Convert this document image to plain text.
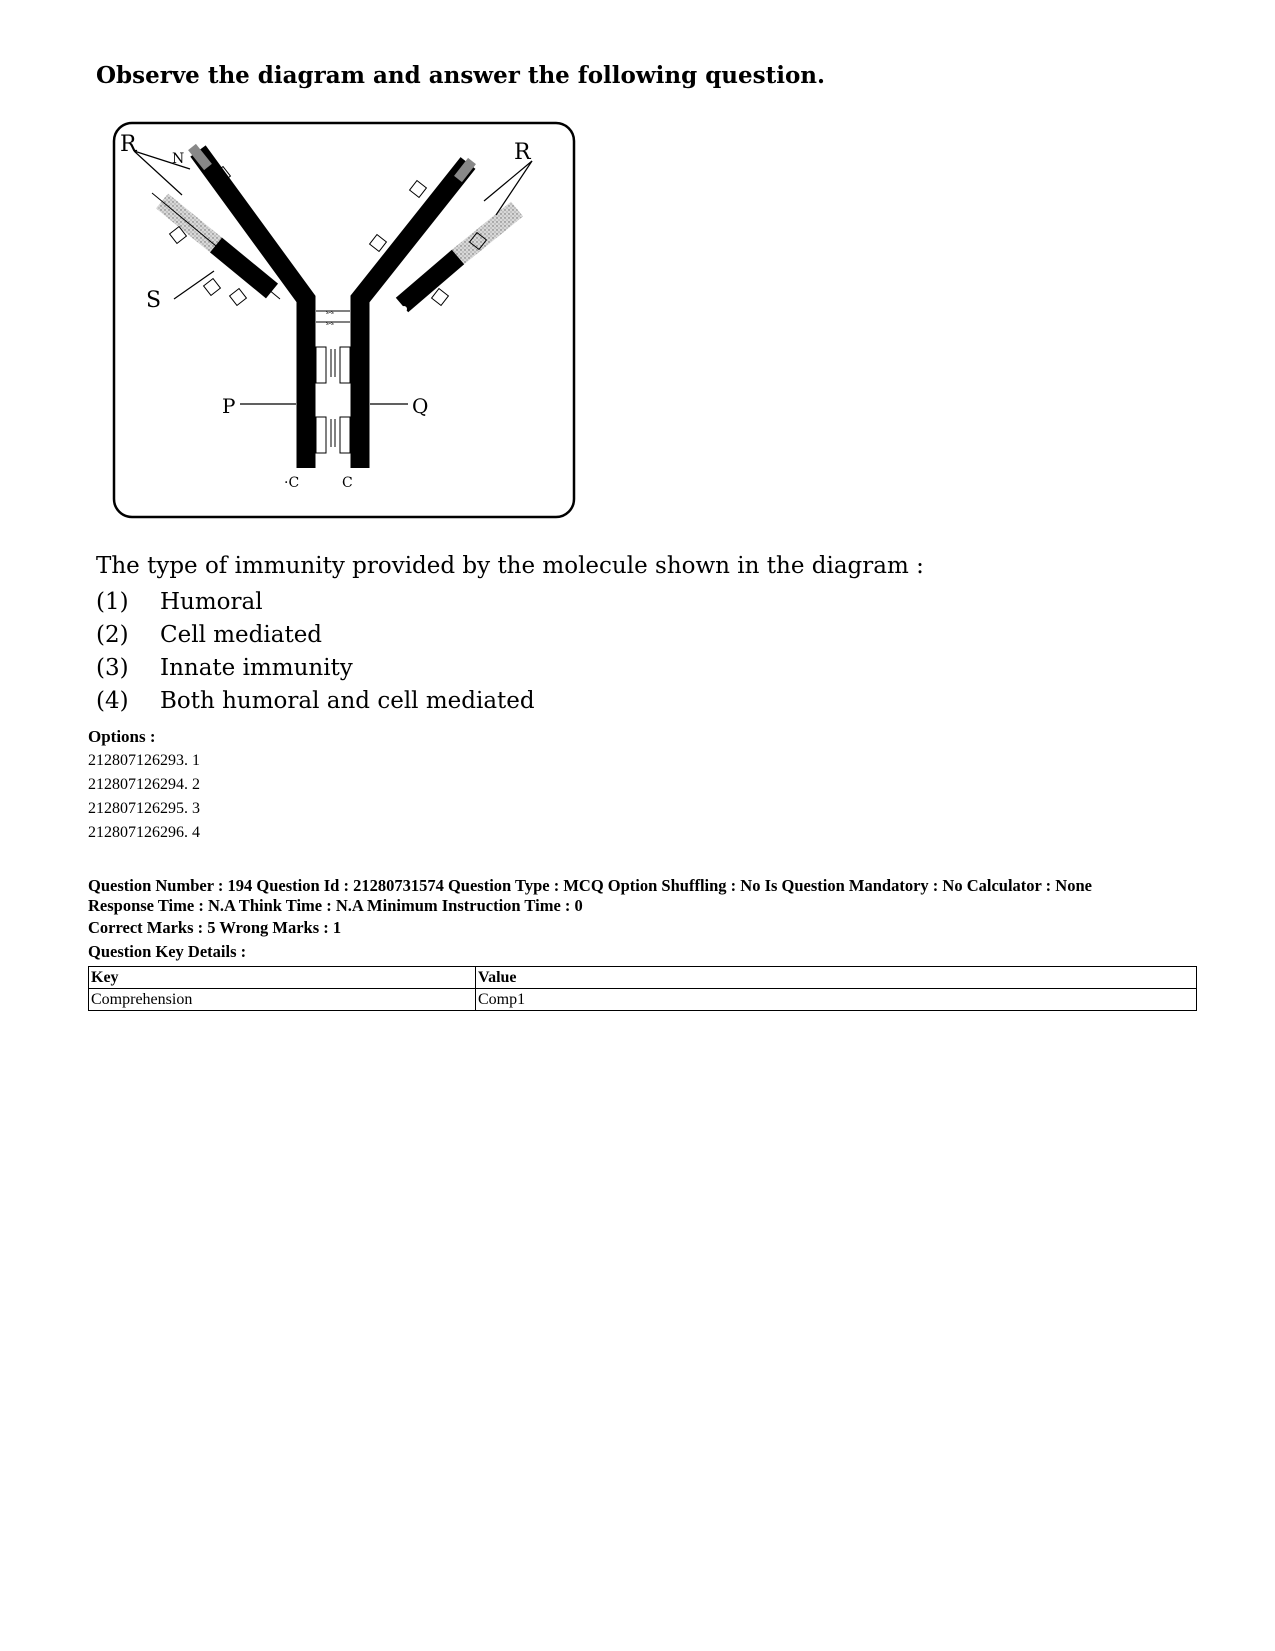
Observe the diagram and answer the following question.
s-s
s-s
R
N	R
S
P	Q
·C	C
The type of immunity provided by the molecule shown in the diagram :
(1)	Humoral
(2)	Cell mediated
(3)	Innate immunity
(4)	Both humoral and cell mediated
Options :
212807126293. 1
212807126294. 2
212807126295. 3
212807126296. 4
Question Number : 194 Question Id : 21280731574 Question Type : MCQ Option Shuffling : No Is Question Mandatory : No Calculator : None
Response Time : N.A Think Time : N.A Minimum Instruction Time : 0
Correct Marks : 5 Wrong Marks : 1
Question Key Details :
Key	Value
Comprehension	Comp1
